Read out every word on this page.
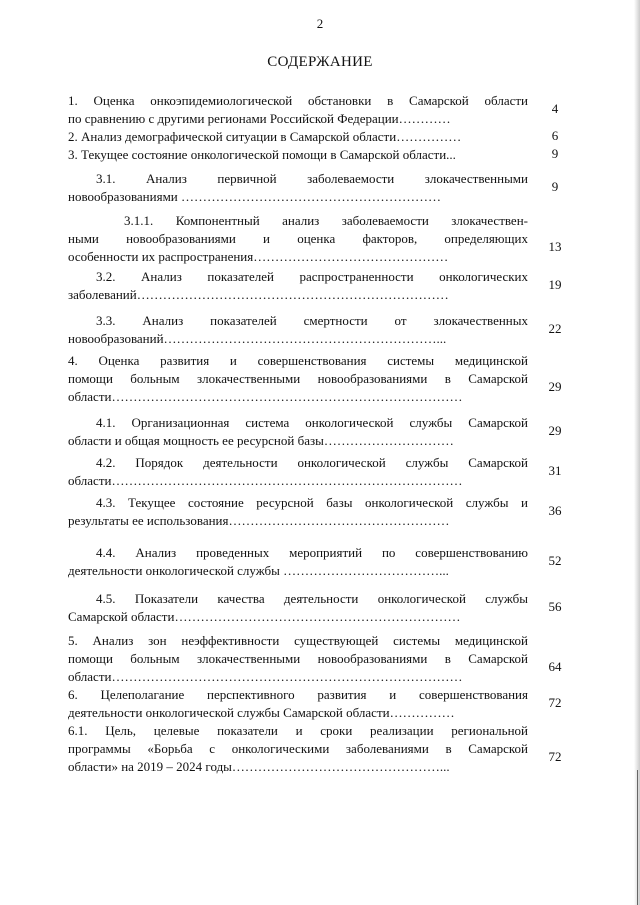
2
СОДЕРЖАНИЕ
1. Оценка онкоэпидемиологической обстановки в Самарской области
по сравнению с другими регионами Российской Федерации…………
4
2. Анализ демографической ситуации в Самарской области……………	6
3. Текущее состояние онкологической помощи в Самарской области...	9
3.1. Анализ первичной заболеваемости злокачественными
новообразованиями ……………………………………………………
9
3.1.1. Компонентный анализ заболеваемости злокачествен-
ными новообразованиями и оценка факторов, определяющих
особенности их распространения………………………………………
13
3.2. Анализ показателей распространенности онкологических
заболеваний………………………………………………………………
19
3.3. Анализ показателей смертности от злокачественных
новообразований………………………………………………………...
22
4. Оценка развития и совершенствования системы медицинской
помощи больным злокачественными новообразованиями в Самарской
области………………………………………………………………………
29
4.1. Организационная система онкологической службы Самарской
области и общая мощность ее ресурсной базы…………………………
29
4.2. Порядок деятельности онкологической службы Самарской
области………………………………………………………………………
31
4.3. Текущее состояние ресурсной базы онкологической службы и
результаты ее использования……………………………………………
36
4.4. Анализ проведенных мероприятий по совершенствованию
деятельности онкологической службы ………………………………...
52
4.5. Показатели качества деятельности онкологической службы
Самарской области…………………………………………………………
56
5. Анализ зон неэффективности существующей системы медицинской
помощи больным злокачественными новообразованиями в Самарской
области………………………………………………………………………
64
6. Целеполагание перспективного развития и совершенствования
деятельности онкологической службы Самарской области……………
72
6.1. Цель, целевые показатели и сроки реализации региональной
программы «Борьба с онкологическими заболеваниями в Самарской
области» на 2019 – 2024 годы…………………………………………...
72
